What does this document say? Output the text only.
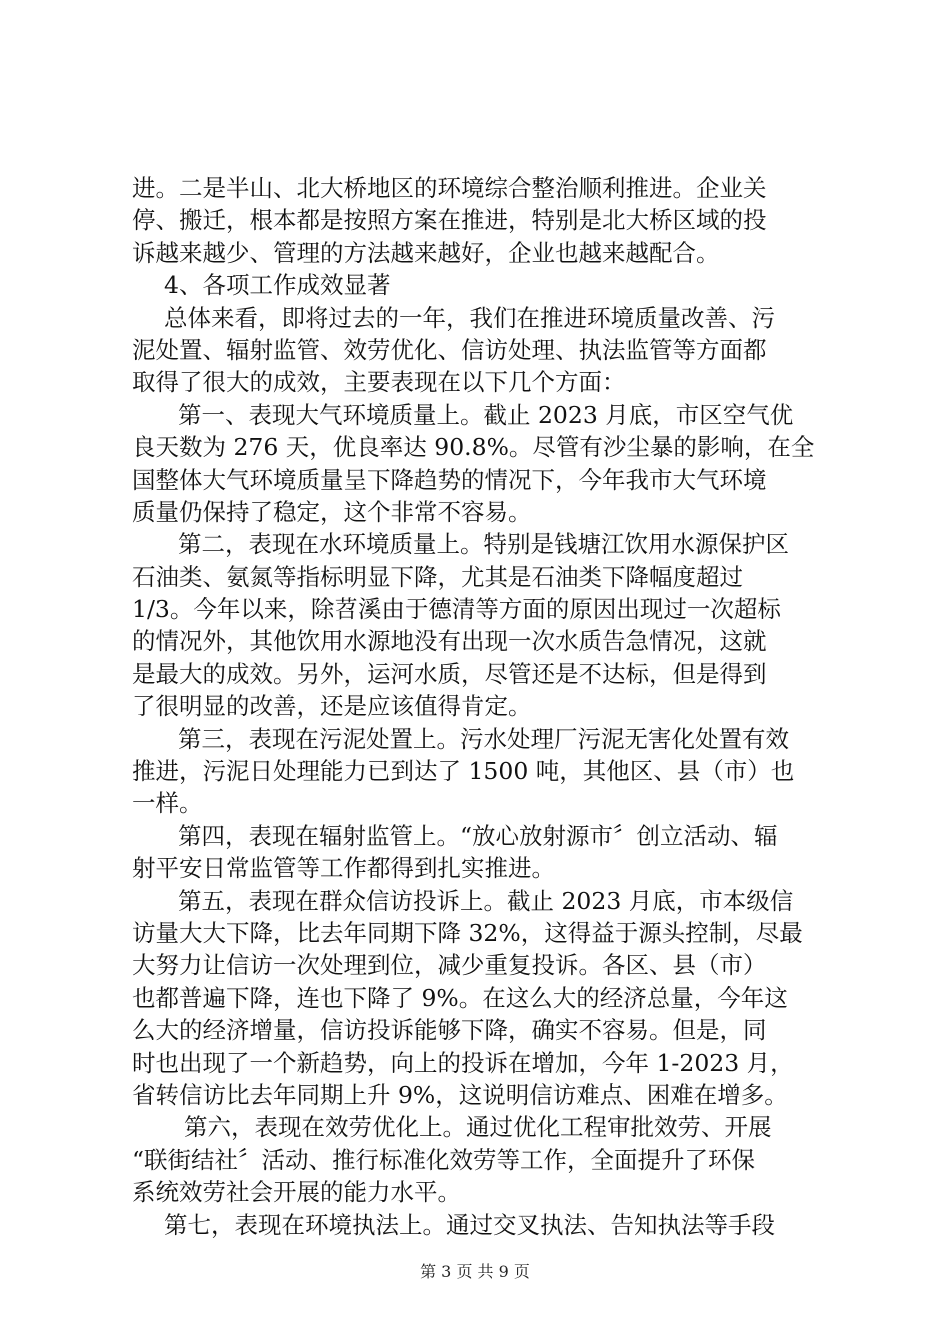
进。二是半山、北大桥地区的环境综合整治顺利推进。企业关
停、搬迁，根本都是按照方案在推进，特别是北大桥区域的投
诉越来越少、管理的方法越来越好，企业也越来越配合。
4、各项工作成效显著
总体来看，即将过去的一年，我们在推进环境质量改善、污
泥处置、辐射监管、效劳优化、信访处理、执法监管等方面都
取得了很大的成效，主要表现在以下几个方面：
第一、表现大气环境质量上。截止 2023 月底，市区空气优
良天数为 276 天，优良率达 90.8%。尽管有沙尘暴的影响，在全
国整体大气环境质量呈下降趋势的情况下，今年我市大气环境
质量仍保持了稳定，这个非常不容易。
第二，表现在水环境质量上。特别是钱塘江饮用水源保护区
石油类、氨氮等指标明显下降，尤其是石油类下降幅度超过
1/3。今年以来，除苕溪由于德清等方面的原因出现过一次超标
的情况外，其他饮用水源地没有出现一次水质告急情况，这就
是最大的成效。另外，运河水质，尽管还是不达标，但是得到
了很明显的改善，还是应该值得肯定。
第三，表现在污泥处置上。污水处理厂污泥无害化处置有效
推进，污泥日处理能力已到达了 1500 吨，其他区、县（市）也
一样。
第四，表现在辐射监管上。“放心放射源市〞创立活动、辐
射平安日常监管等工作都得到扎实推进。
第五，表现在群众信访投诉上。截止 2023 月底，市本级信
访量大大下降，比去年同期下降 32%，这得益于源头控制，尽最
大努力让信访一次处理到位，减少重复投诉。各区、县（市）
也都普遍下降，连也下降了 9%。在这么大的经济总量，今年这
么大的经济增量，信访投诉能够下降，确实不容易。但是，同
时也出现了一个新趋势，向上的投诉在增加，今年 1-2023 月，
省转信访比去年同期上升 9%，这说明信访难点、困难在增多。
第六，表现在效劳优化上。通过优化工程审批效劳、开展
“联街结社〞活动、推行标准化效劳等工作，全面提升了环保
系统效劳社会开展的能力水平。
第七，表现在环境执法上。通过交叉执法、告知执法等手段
第 3 页 共 9 页
